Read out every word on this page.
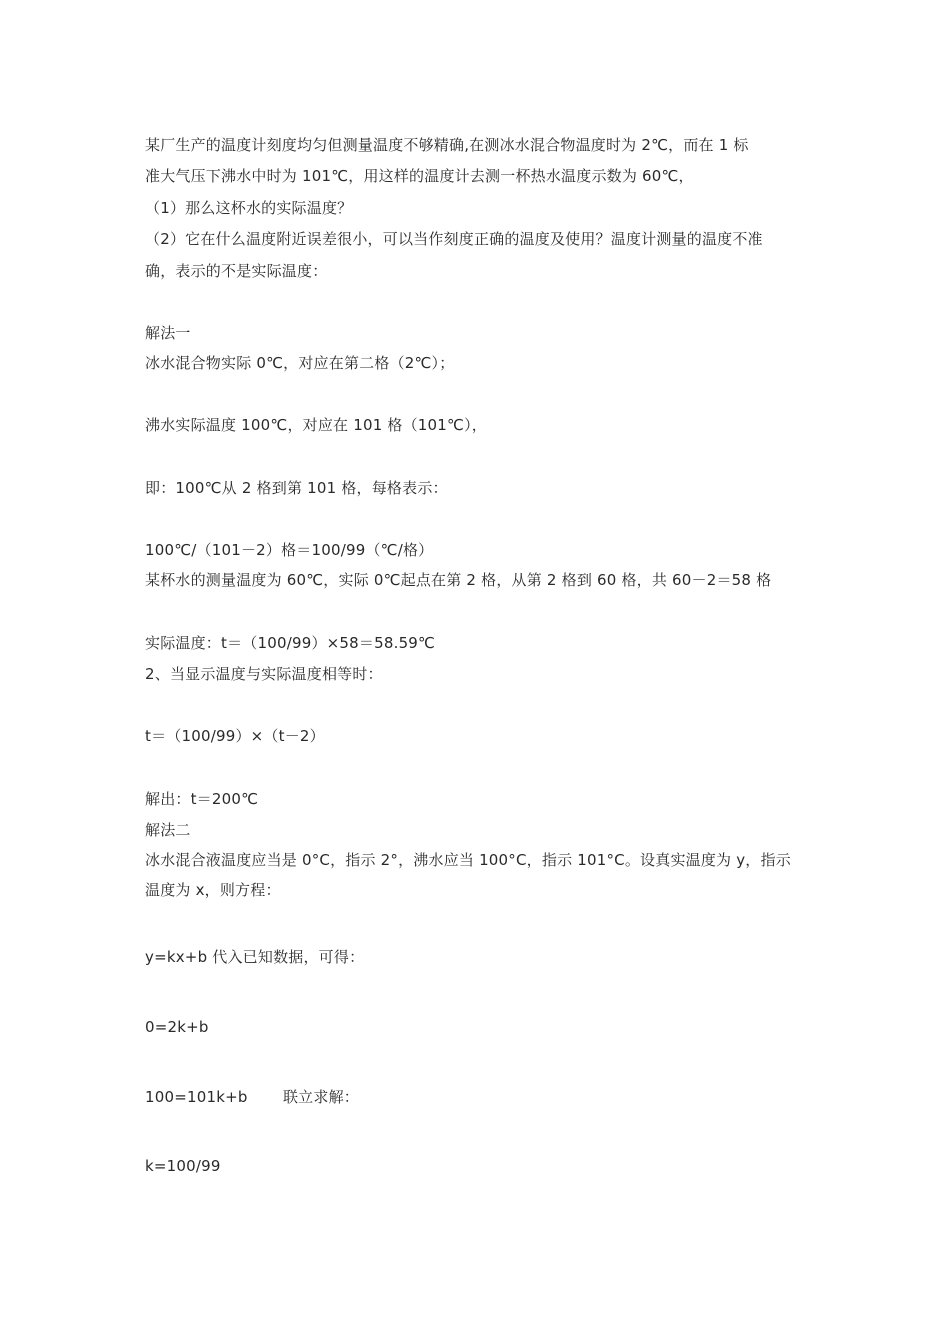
某厂生产的温度计刻度均匀但测量温度不够精确,在测冰水混合物温度时为 2℃，而在 1 标
准大气压下沸水中时为 101℃，用这样的温度计去测一杯热水温度示数为 60℃，
（1）那么这杯水的实际温度？
（2）它在什么温度附近误差很小，可以当作刻度正确的温度及使用？温度计测量的温度不准
确，表示的不是实际温度：
解法一
冰水混合物实际 0℃，对应在第二格（2℃）；
沸水实际温度 100℃，对应在 101 格（101℃），
即：100℃从 2 格到第 101 格，每格表示：
100℃/（101－2）格＝100/99（℃/格）
某杯水的测量温度为 60℃，实际 0℃起点在第 2 格，从第 2 格到 60 格，共 60－2＝58 格
实际温度：t＝（100/99）×58＝58.59℃
2、当显示温度与实际温度相等时：
t＝（100/99）×（t－2）
解出：t＝200℃
解法二
冰水混合液温度应当是 0°C，指示 2°，沸水应当 100°C，指示 101°C。设真实温度为 y，指示
温度为 x，则方程：
y=kx+b 代入已知数据，可得：
0=2k+b
100=101k+b　　 联立求解：
k=100/99
